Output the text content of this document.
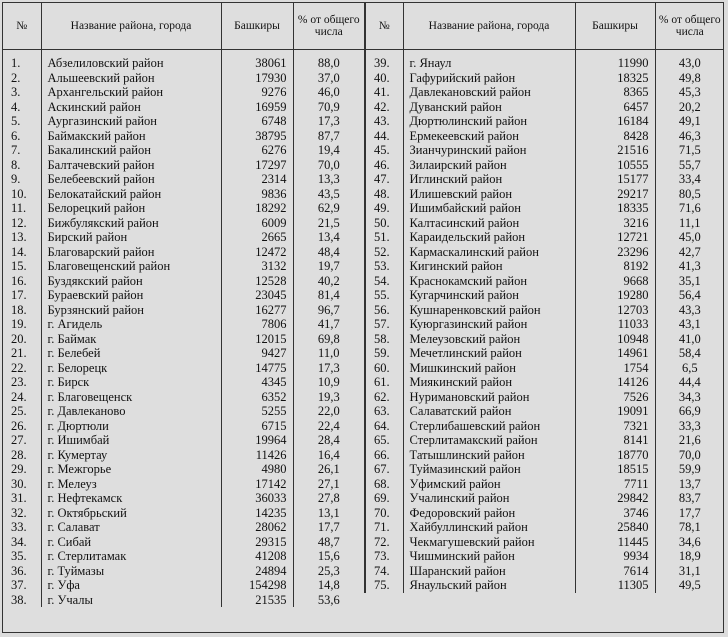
№	Название района, города	Башкиры	% от общего числа
1.	Абзелиловский район	38061	88,0
2.	Альшеевский район	17930	37,0
3.	Архангельский район	9276	46,0
4.	Аскинский район	16959	70,9
5.	Аургазинский район	6748	17,3
6.	Баймакский район	38795	87,7
7.	Бакалинский район	6276	19,4
8.	Балтачевский район	17297	70,0
9.	Белебеевский район	2314	13,3
10.	Белокатайский район	9836	43,5
11.	Белорецкий район	18292	62,9
12.	Бижбулякский район	6009	21,5
13.	Бирский район	2665	13,4
14.	Благоварский район	12472	48,4
15.	Благовещенский район	3132	19,7
16.	Буздякский район	12528	40,2
17.	Бураевский район	23045	81,4
18.	Бурзянский район	16277	96,7
19.	г. Агидель	7806	41,7
20.	г. Баймак	12015	69,8
21.	г. Белебей	9427	11,0
22.	г. Белорецк	14775	17,3
23.	г. Бирск	4345	10,9
24.	г. Благовещенск	6352	19,3
25.	г. Давлеканово	5255	22,0
26.	г. Дюртюли	6715	22,4
27.	г. Ишимбай	19964	28,4
28.	г. Кумертау	11426	16,4
29.	г. Межгорье	4980	26,1
30.	г. Мелеуз	17142	27,1
31.	г. Нефтекамск	36033	27,8
32.	г. Октябрьский	14235	13,1
33.	г. Салават	28062	17,7
34.	г. Сибай	29315	48,7
35.	г. Стерлитамак	41208	15,6
36.	г. Туймазы	24894	25,3
37.	г. Уфа	154298	14,8
38.	г. Учалы	21535	53,6
№	Название района, города	Башкиры	% от общего числа
39.	г. Янаул	11990	43,0
40.	Гафурийский район	18325	49,8
41.	Давлекановский район	8365	45,3
42.	Дуванский район	6457	20,2
43.	Дюртюлинский район	16184	49,1
44.	Ермекеевский район	8428	46,3
45.	Зианчуринский район	21516	71,5
46.	Зилаирский район	10555	55,7
47.	Иглинский район	15177	33,4
48.	Илишевский район	29217	80,5
49.	Ишимбайский район	18335	71,6
50.	Калтасинский район	3216	11,1
51.	Караидельский район	12721	45,0
52.	Кармаскалинский район	23296	42,7
53.	Кигинский район	8192	41,3
54.	Краснокамский район	9668	35,1
55.	Кугарчинский район	19280	56,4
56.	Кушнаренковский район	12703	43,3
57.	Куюргазинский район	11033	43,1
58.	Мелеузовский район	10948	41,0
59.	Мечетлинский район	14961	58,4
60.	Мишкинский район	1754	6,5
61.	Миякинский район	14126	44,4
62.	Нуримановский район	7526	34,3
63.	Салаватский район	19091	66,9
64.	Стерлибашевский район	7321	33,3
65.	Стерлитамакский район	8141	21,6
66.	Татышлинский район	18770	70,0
67.	Туймазинский район	18515	59,9
68.	Уфимский район	7711	13,7
69.	Учалинский район	29842	83,7
70.	Федоровский район	3746	17,7
71.	Хайбуллинский район	25840	78,1
72.	Чекмагушевский район	11445	34,6
73.	Чишминский район	9934	18,9
74.	Шаранский район	7614	31,1
75.	Янаульский район	11305	49,5
